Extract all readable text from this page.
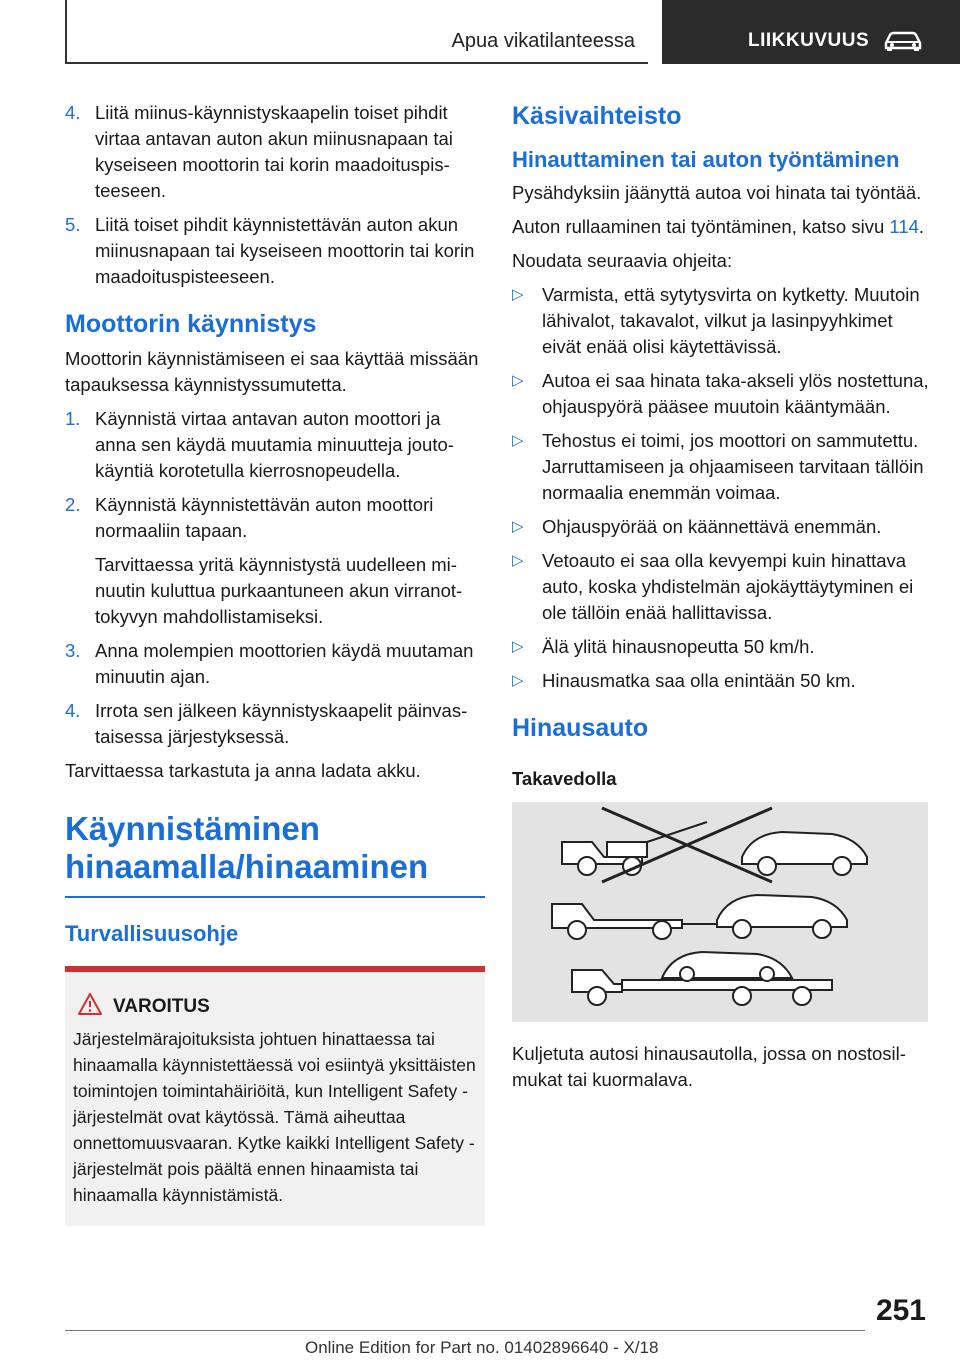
Apua vikatilanteessa	LIIKKUVUUS
4. Liitä miinus-käynnistyskaapelin toiset pihdit virtaa antavan auton akun miinusnapaan tai kyseiseen moottorin tai korin maadoituspisteeseen.
5. Liitä toiset pihdit käynnistettävän auton akun miinusnapaan tai kyseiseen moottorin tai korin maadoituspisteeseen.
Moottorin käynnistys

Moottorin käynnistämiseen ei saa käyttää missään tapauksessa käynnistyssumutetta.

1. Käynnistä virtaa antavan auton moottori ja anna sen käydä muutamia minuutteja joutokäyntiä korotetulla kierrosnopeudella.
2. Käynnistä käynnistettävän auton moottori normaaliin tapaan.
Tarvittaessa yritä käynnistystä uudelleen minuutin kuluttua purkaantuneen akun virranottokyvyn mahdollistamiseksi.
3. Anna molempien moottorien käydä muutaman minuutin ajan.
4. Irrota sen jälkeen käynnistyskaapelit päinvastaisessa järjestyksessä.

Tarvittaessa tarkastuta ja anna ladata akku.

Käynnistäminen hinaamalla/hinaaminen
Turvallisuusohje
VAROITUS
Järjestelmärajoituksista johtuen hinattaessa tai hinaamalla käynnistettäessä voi esiintyä yksittäisten toimintojen toimintahäiriöitä, kun Intelligent Safety -järjestelmät ovat käytössä. Tämä aiheuttaa onnettomuusvaaran. Kytke kaikki Intelligent Safety -järjestelmät pois päältä ennen hinaamista tai hinaamalla käynnistämistä.
Käsivaihteisto
Hinauttaminen tai auton työntäminen

Pysähdyksiin jäänyttä autoa voi hinata tai työntää.

Auton rullaaminen tai työntäminen, katso sivu 114.

Noudata seuraavia ohjeita:

▷ Varmista, että sytytysvirta on kytketty. Muutoin lähivalot, takavalot, vilkut ja lasinpyyhkimet eivät enää olisi käytettävissä.
▷ Autoa ei saa hinata taka-akseli ylös nostettuna, ohjauspyörä pääsee muutoin kääntymään.
▷ Tehostus ei toimi, jos moottori on sammutettu. Jarruttamiseen ja ohjaamiseen tarvitaan tällöin normaalia enemmän voimaa.
▷ Ohjauspyörää on käännettävä enemmän.
▷ Vetoauto ei saa olla kevyempi kuin hinattava auto, koska yhdistelmän ajokäyttäytyminen ei ole tällöin enää hallittavissa.
▷ Älä ylitä hinausnopeutta 50 km/h.
▷ Hinausmatka saa olla enintään 50 km.
Hinausauto
Takavedolla

Kuljetuta autosi hinausautolla, jossa on nostosilmukat tai kuormalava.

251
Online Edition for Part no. 01402896640 - X/18
